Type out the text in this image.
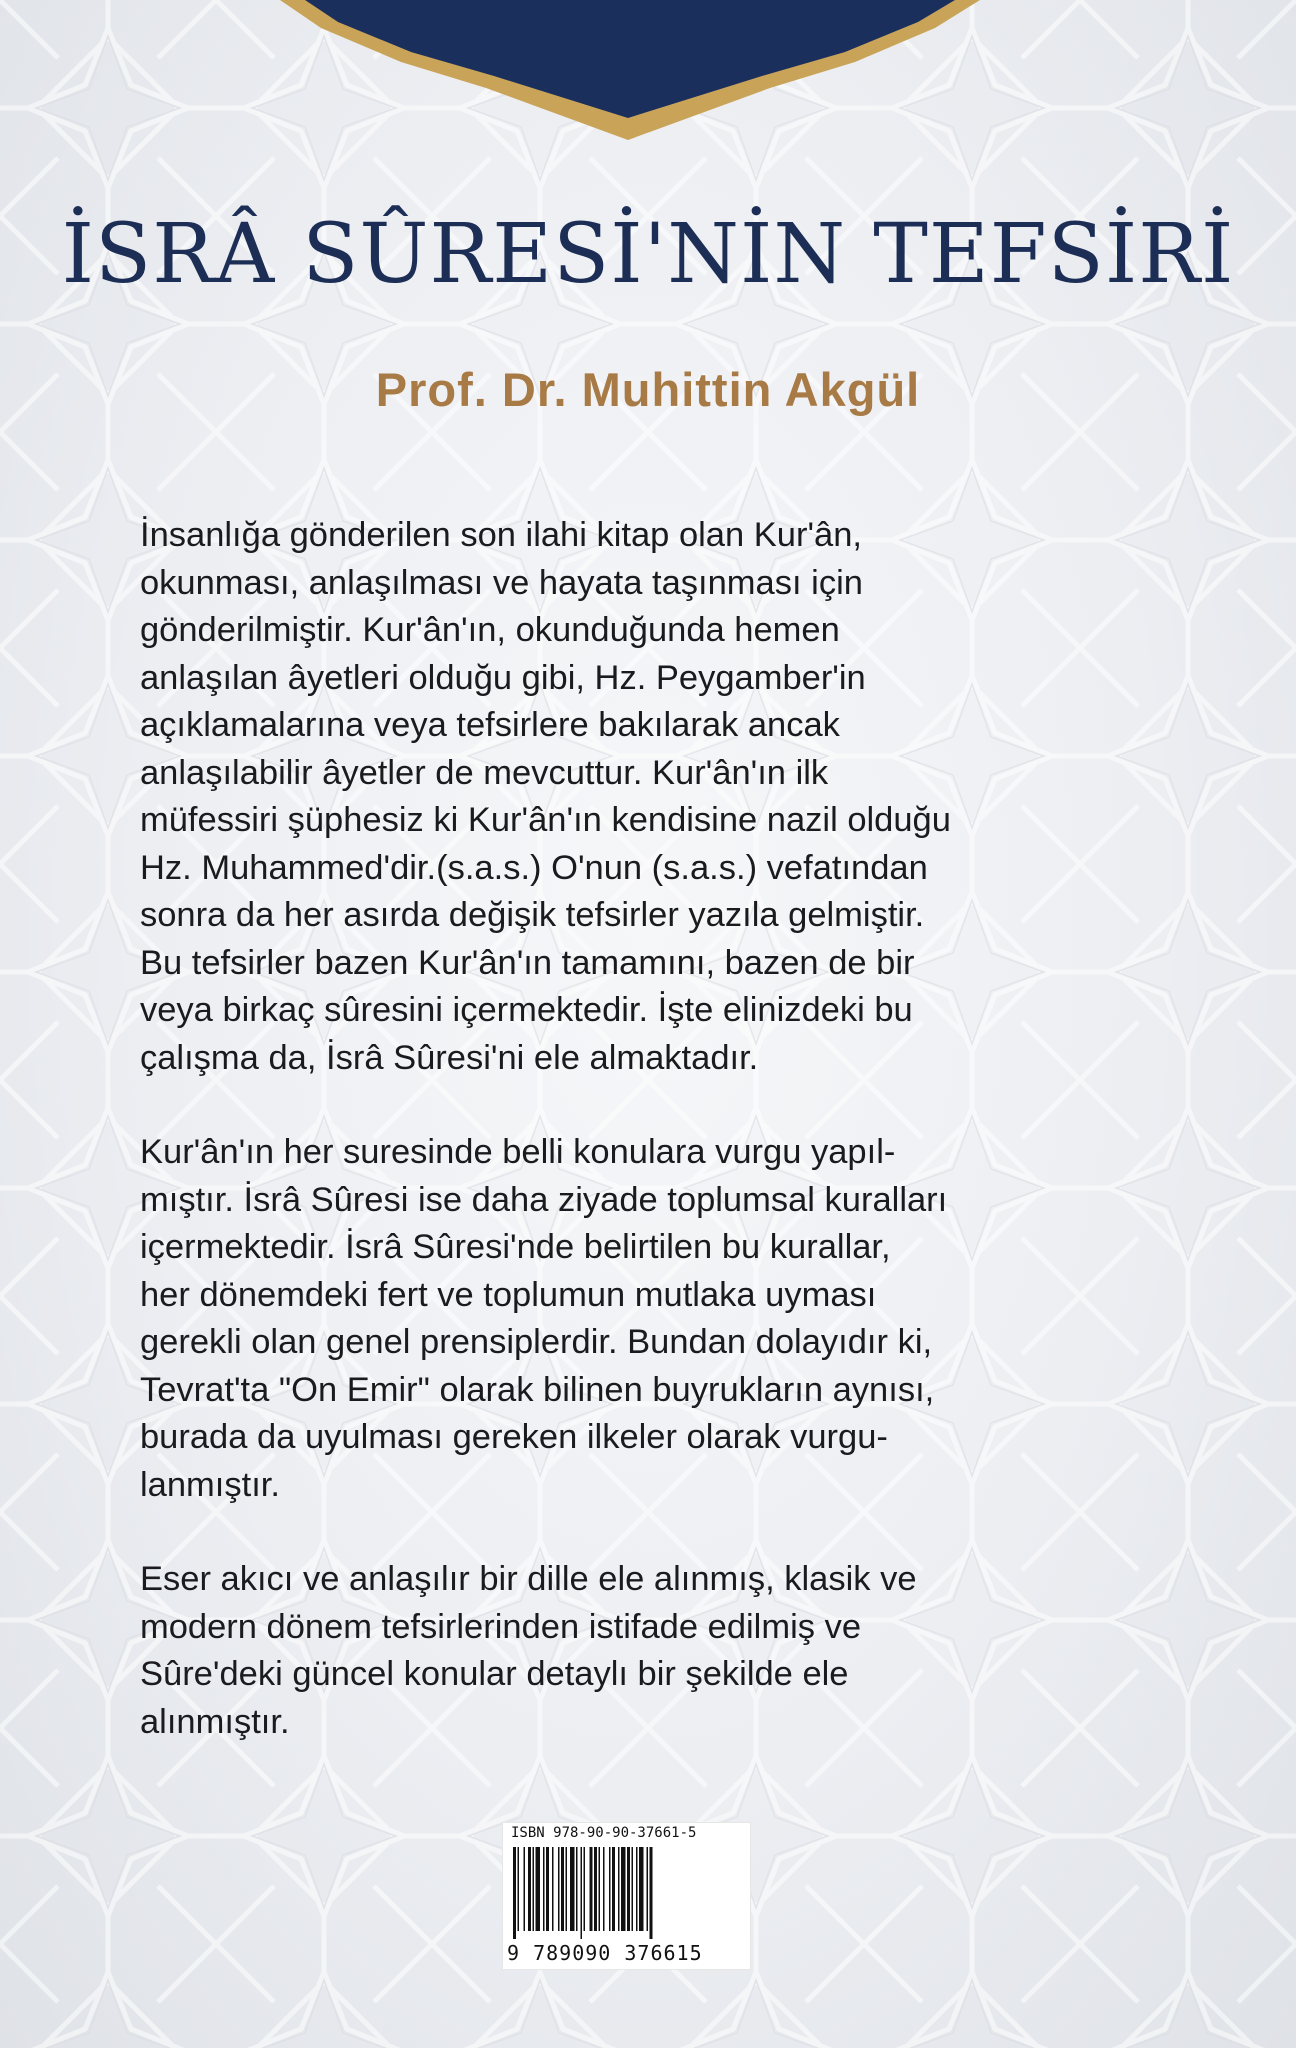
İSRÂ SÛRESİ'NİN TEFSİRİ
Prof. Dr. Muhittin Akgül

İnsanlığa gönderilen son ilahi kitap olan Kur'ân,
okunması, anlaşılması ve hayata taşınması için
gönderilmiştir. Kur'ân'ın, okunduğunda hemen
anlaşılan âyetleri olduğu gibi, Hz. Peygamber'in
açıklamalarına veya tefsirlere bakılarak ancak
anlaşılabilir âyetler de mevcuttur. Kur'ân'ın ilk
müfessiri şüphesiz ki Kur'ân'ın kendisine nazil olduğu
Hz. Muhammed'dir.(s.a.s.) O'nun (s.a.s.) vefatından
sonra da her asırda değişik tefsirler yazıla gelmiştir.
Bu tefsirler bazen Kur'ân'ın tamamını, bazen de bir
veya birkaç sûresini içermektedir. İşte elinizdeki bu
çalışma da, İsrâ Sûresi'ni ele almaktadır.

Kur'ân'ın her suresinde belli konulara vurgu yapıl-
mıştır. İsrâ Sûresi ise daha ziyade toplumsal kuralları
içermektedir. İsrâ Sûresi'nde belirtilen bu kurallar,
her dönemdeki fert ve toplumun mutlaka uyması
gerekli olan genel prensiplerdir. Bundan dolayıdır ki,
Tevrat'ta "On Emir" olarak bilinen buyrukların aynısı,
burada da uyulması gereken ilkeler olarak vurgu-
lanmıştır.

Eser akıcı ve anlaşılır bir dille ele alınmış, klasik ve
modern dönem tefsirlerinden istifade edilmiş ve
Sûre'deki güncel konular detaylı bir şekilde ele
alınmıştır.

ISBN 978-90-90-37661-5
9 789090 376615
